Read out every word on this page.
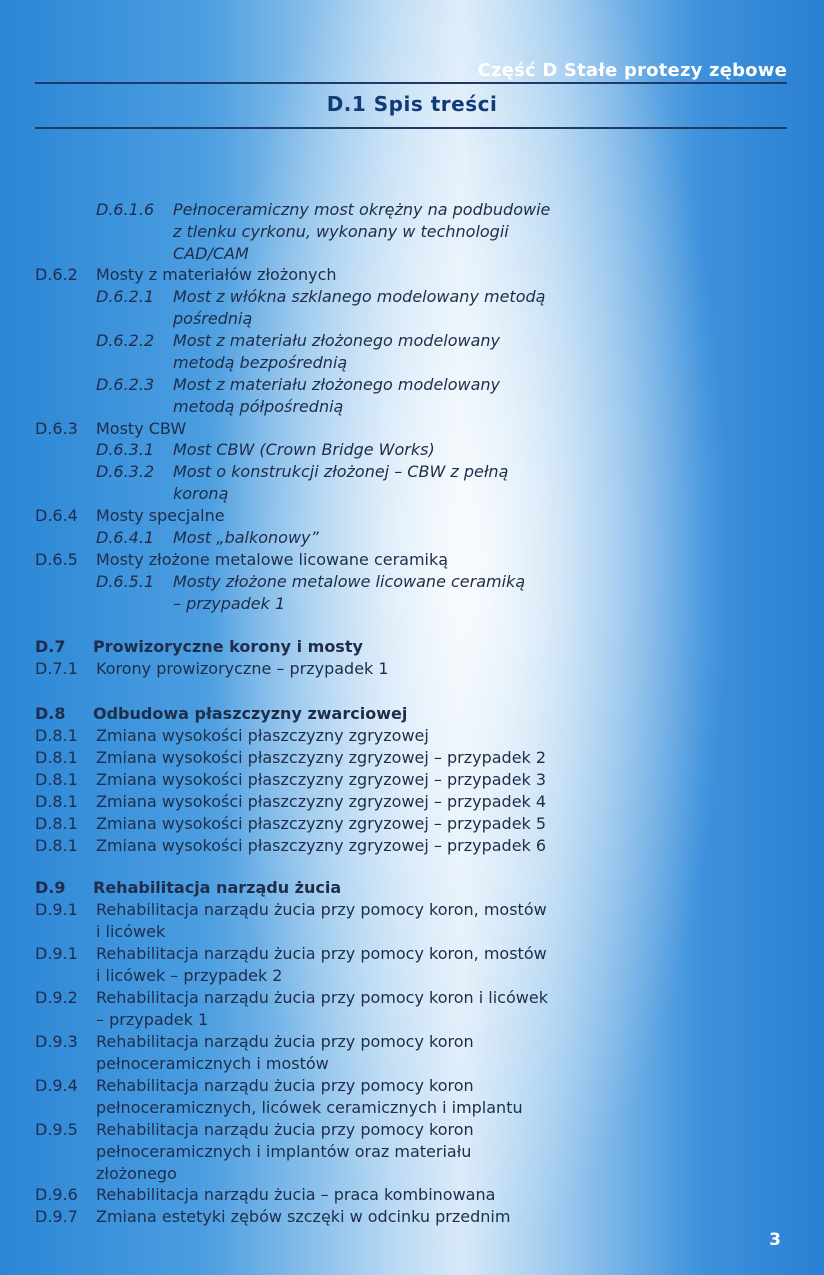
Część D Stałe protezy zębowe
D.1 Spis treści
D.6.1.6 Pełnoceramiczny most okrężny na podbudowie
z tlenku cyrkonu, wykonany w technologii
CAD/CAM
D.6.2 Mosty z materiałów złożonych
D.6.2.1 Most z włókna szklanego modelowany metodą
pośrednią
D.6.2.2 Most z materiału złożonego modelowany
metodą bezpośrednią
D.6.2.3 Most z materiału złożonego modelowany
metodą półpośrednią
D.6.3 Mosty CBW
D.6.3.1 Most CBW (Crown Bridge Works)
D.6.3.2 Most o konstrukcji złożonej – CBW z pełną
koroną
D.6.4 Mosty specjalne
D.6.4.1 Most „balkonowy”
D.6.5 Mosty złożone metalowe licowane ceramiką
D.6.5.1 Mosty złożone metalowe licowane ceramiką
– przypadek 1
D.7 Prowizoryczne korony i mosty
D.7.1 Korony prowizoryczne – przypadek 1
D.8 Odbudowa płaszczyzny zwarciowej
D.8.1 Zmiana wysokości płaszczyzny zgryzowej
D.8.1 Zmiana wysokości płaszczyzny zgryzowej – przypadek 2
D.8.1 Zmiana wysokości płaszczyzny zgryzowej – przypadek 3
D.8.1 Zmiana wysokości płaszczyzny zgryzowej – przypadek 4
D.8.1 Zmiana wysokości płaszczyzny zgryzowej – przypadek 5
D.8.1 Zmiana wysokości płaszczyzny zgryzowej – przypadek 6
D.9 Rehabilitacja narządu żucia
D.9.1 Rehabilitacja narządu żucia przy pomocy koron, mostów
i licówek
D.9.1 Rehabilitacja narządu żucia przy pomocy koron, mostów
i licówek – przypadek 2
D.9.2 Rehabilitacja narządu żucia przy pomocy koron i licówek
– przypadek 1
D.9.3 Rehabilitacja narządu żucia przy pomocy koron
pełnoceramicznych i mostów
D.9.4 Rehabilitacja narządu żucia przy pomocy koron
pełnoceramicznych, licówek ceramicznych i implantu
D.9.5 Rehabilitacja narządu żucia przy pomocy koron
pełnoceramicznych i implantów oraz materiału
złożonego
D.9.6 Rehabilitacja narządu żucia – praca kombinowana
D.9.7 Zmiana estetyki zębów szczęki w odcinku przednim
3
